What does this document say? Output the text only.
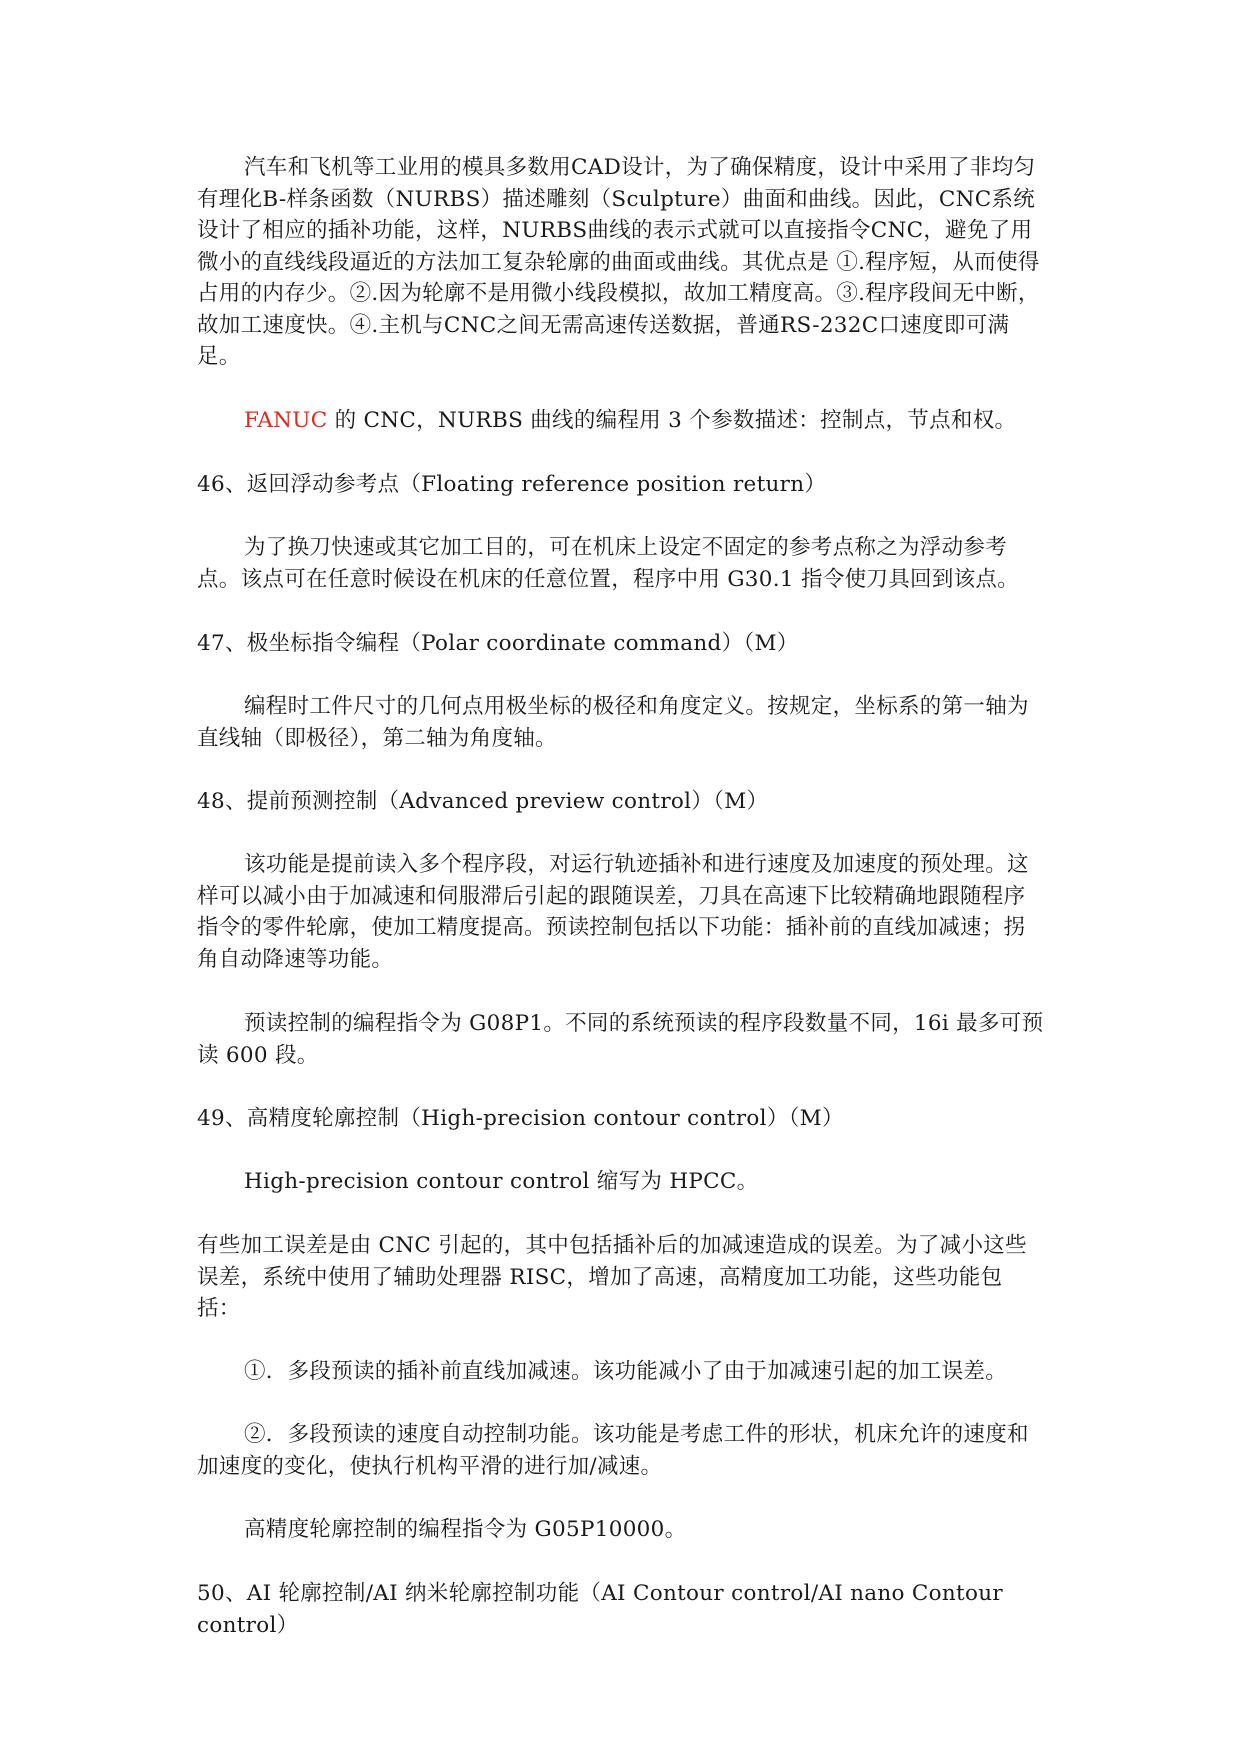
汽车和飞机等工业用的模具多数用CAD设计，为了确保精度，设计中采用了非均匀有理化B-样条函数（NURBS）描述雕刻（Sculpture）曲面和曲线。因此，CNC系统设计了相应的插补功能，这样，NURBS曲线的表示式就可以直接指令CNC，避免了用微小的直线线段逼近的方法加工复杂轮廓的曲面或曲线。其优点是 ①.程序短，从而使得占用的内存少。②.因为轮廓不是用微小线段模拟，故加工精度高。③.程序段间无中断，故加工速度快。④.主机与CNC之间无需高速传送数据，普通RS-232C口速度即可满足。

FANUC 的 CNC，NURBS 曲线的编程用 3 个参数描述：控制点，节点和权。

46、返回浮动参考点（Floating reference position return）

为了换刀快速或其它加工目的，可在机床上设定不固定的参考点称之为浮动参考点。该点可在任意时候设在机床的任意位置，程序中用 G30.1 指令使刀具回到该点。

47、极坐标指令编程（Polar coordinate command）（M）

编程时工件尺寸的几何点用极坐标的极径和角度定义。按规定，坐标系的第一轴为直线轴（即极径），第二轴为角度轴。

48、提前预测控制（Advanced preview control）（M）

该功能是提前读入多个程序段，对运行轨迹插补和进行速度及加速度的预处理。这样可以减小由于加减速和伺服滞后引起的跟随误差，刀具在高速下比较精确地跟随程序指令的零件轮廓，使加工精度提高。预读控制包括以下功能：插补前的直线加减速；拐角自动降速等功能。

预读控制的编程指令为 G08P1。不同的系统预读的程序段数量不同，16i 最多可预读 600 段。

49、高精度轮廓控制（High-precision contour control）（M）

High-precision contour control 缩写为 HPCC。

有些加工误差是由 CNC 引起的，其中包括插补后的加减速造成的误差。为了减小这些误差，系统中使用了辅助处理器 RISC，增加了高速，高精度加工功能，这些功能包括：

①．多段预读的插补前直线加减速。该功能减小了由于加减速引起的加工误差。

②．多段预读的速度自动控制功能。该功能是考虑工件的形状，机床允许的速度和加速度的变化，使执行机构平滑的进行加/减速。

高精度轮廓控制的编程指令为 G05P10000。

50、AI 轮廓控制/AI 纳米轮廓控制功能（AI Contour control/AI nano Contour control）
